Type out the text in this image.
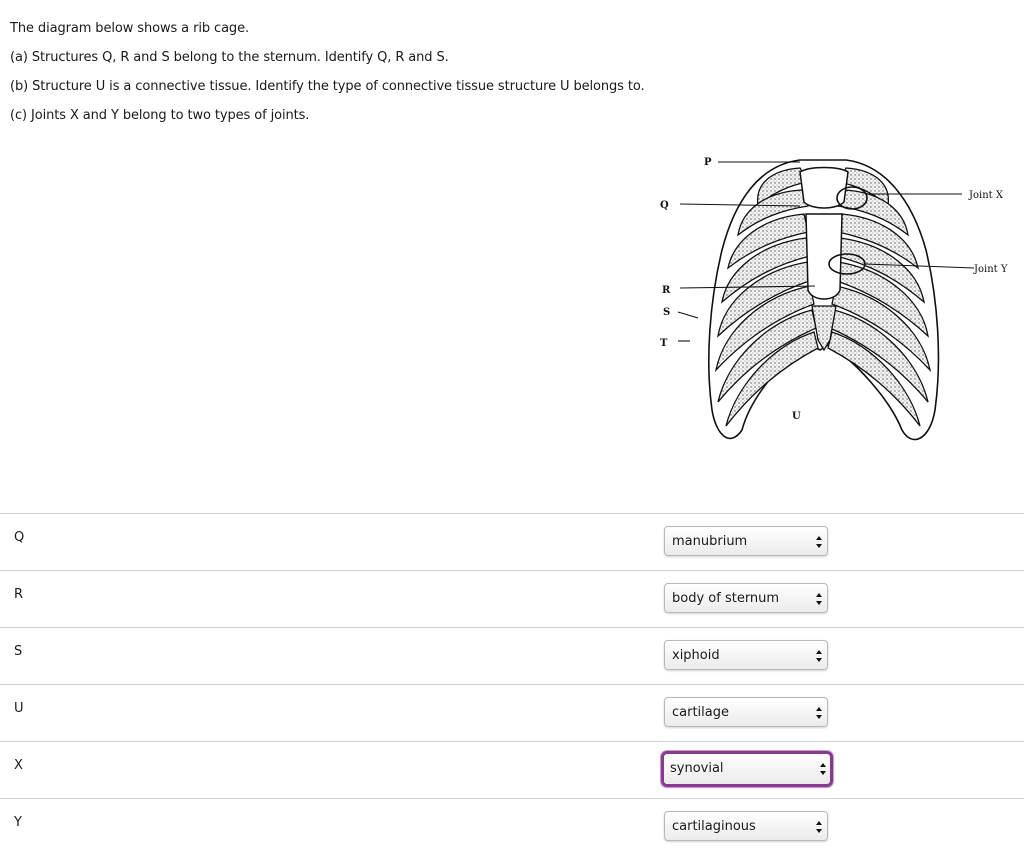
The diagram below shows a rib cage.

(a) Structures Q, R and S belong to the sternum. Identify Q, R and S.

(b) Structure U is a connective tissue. Identify the type of connective tissue structure U belongs to.

(c) Joints X and Y belong to two types of joints.

P
Q
R
S
T
U
Joint X
Joint Y
Q	manubrium
R	body of sternum
S	xiphoid
U	cartilage
X	synovial
Y	cartilaginous
